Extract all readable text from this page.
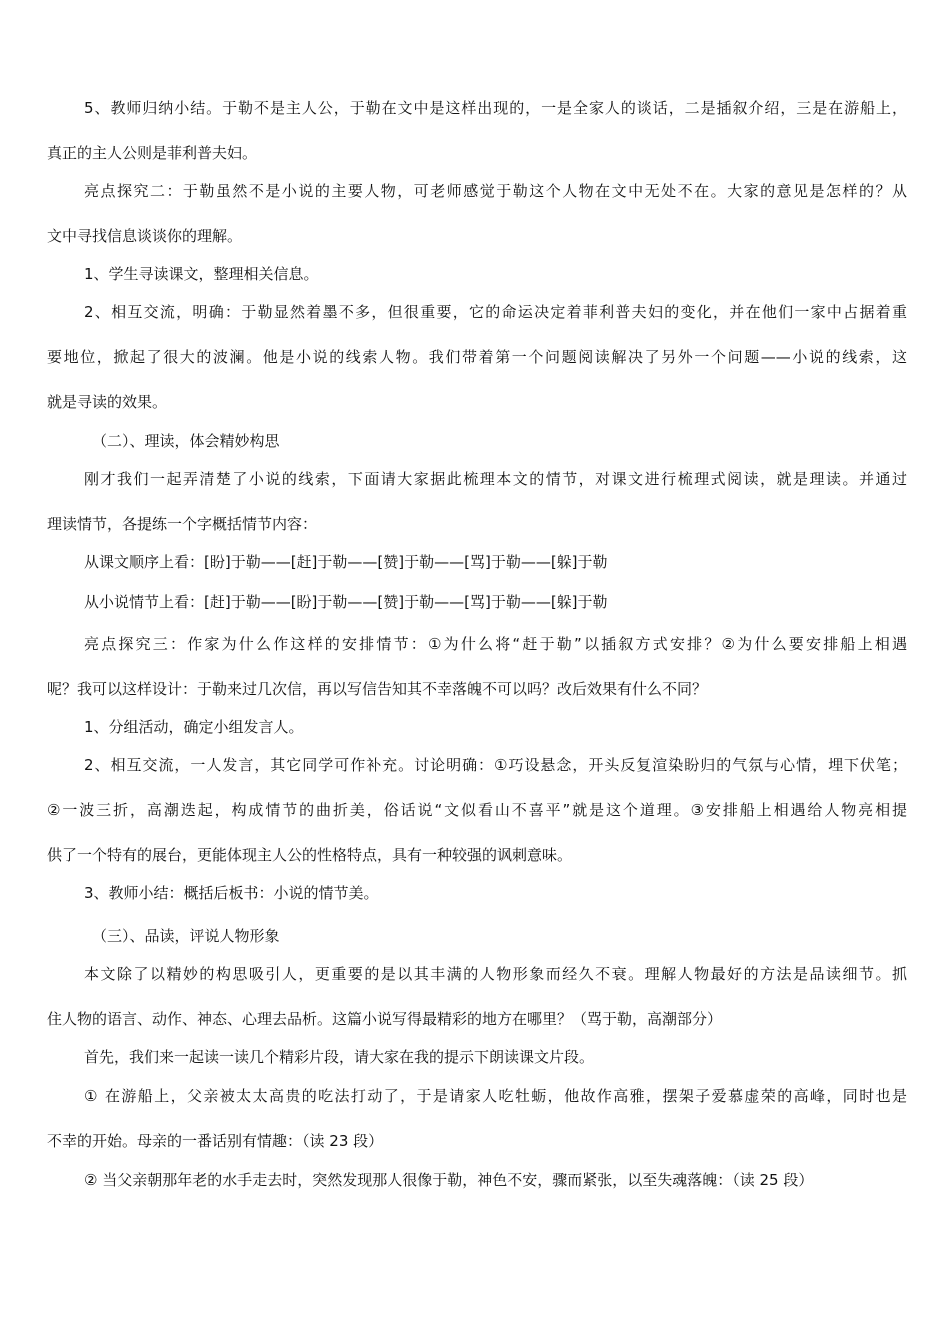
5、教师归纳小结。于勒不是主人公，于勒在文中是这样出现的，一是全家人的谈话，二是插叙介绍，三是在游船上，
真正的主人公则是菲利普夫妇。
亮点探究二：于勒虽然不是小说的主要人物，可老师感觉于勒这个人物在文中无处不在。大家的意见是怎样的？从
文中寻找信息谈谈你的理解。
1、学生寻读课文，整理相关信息。
2、相互交流，明确：于勒显然着墨不多，但很重要，它的命运决定着菲利普夫妇的变化，并在他们一家中占据着重
要地位，掀起了很大的波澜。他是小说的线索人物。我们带着第一个问题阅读解决了另外一个问题——小说的线索，这
就是寻读的效果。
（二）、理读，体会精妙构思
刚才我们一起弄清楚了小说的线索，下面请大家据此梳理本文的情节，对课文进行梳理式阅读，就是理读。并通过
理读情节，各提练一个字概括情节内容：
从课文顺序上看：[盼]于勒——[赶]于勒——[赞]于勒——[骂]于勒——[躲]于勒
从小说情节上看：[赶]于勒——[盼]于勒——[赞]于勒——[骂]于勒——[躲]于勒
亮点探究三：作家为什么作这样的安排情节：①为什么将“赶于勒”以插叙方式安排？②为什么要安排船上相遇
呢？我可以这样设计：于勒来过几次信，再以写信告知其不幸落魄不可以吗？改后效果有什么不同？
1、分组活动，确定小组发言人。
2、相互交流，一人发言，其它同学可作补充。讨论明确：①巧设悬念，开头反复渲染盼归的气氛与心情，埋下伏笔；
②一波三折，高潮迭起，构成情节的曲折美，俗话说“文似看山不喜平”就是这个道理。③安排船上相遇给人物亮相提
供了一个特有的展台，更能体现主人公的性格特点，具有一种较强的讽刺意味。
3、教师小结：概括后板书：小说的情节美。
（三）、品读，评说人物形象
本文除了以精妙的构思吸引人，更重要的是以其丰满的人物形象而经久不衰。理解人物最好的方法是品读细节。抓
住人物的语言、动作、神态、心理去品析。这篇小说写得最精彩的地方在哪里？（骂于勒，高潮部分）
首先，我们来一起读一读几个精彩片段，请大家在我的提示下朗读课文片段。
① 在游船上，父亲被太太高贵的吃法打动了，于是请家人吃牡蛎，他故作高雅，摆架子爱慕虚荣的高峰，同时也是
不幸的开始。母亲的一番话别有情趣：（读 23 段）
② 当父亲朝那年老的水手走去时，突然发现那人很像于勒，神色不安，骤而紧张，以至失魂落魄：（读 25 段）
